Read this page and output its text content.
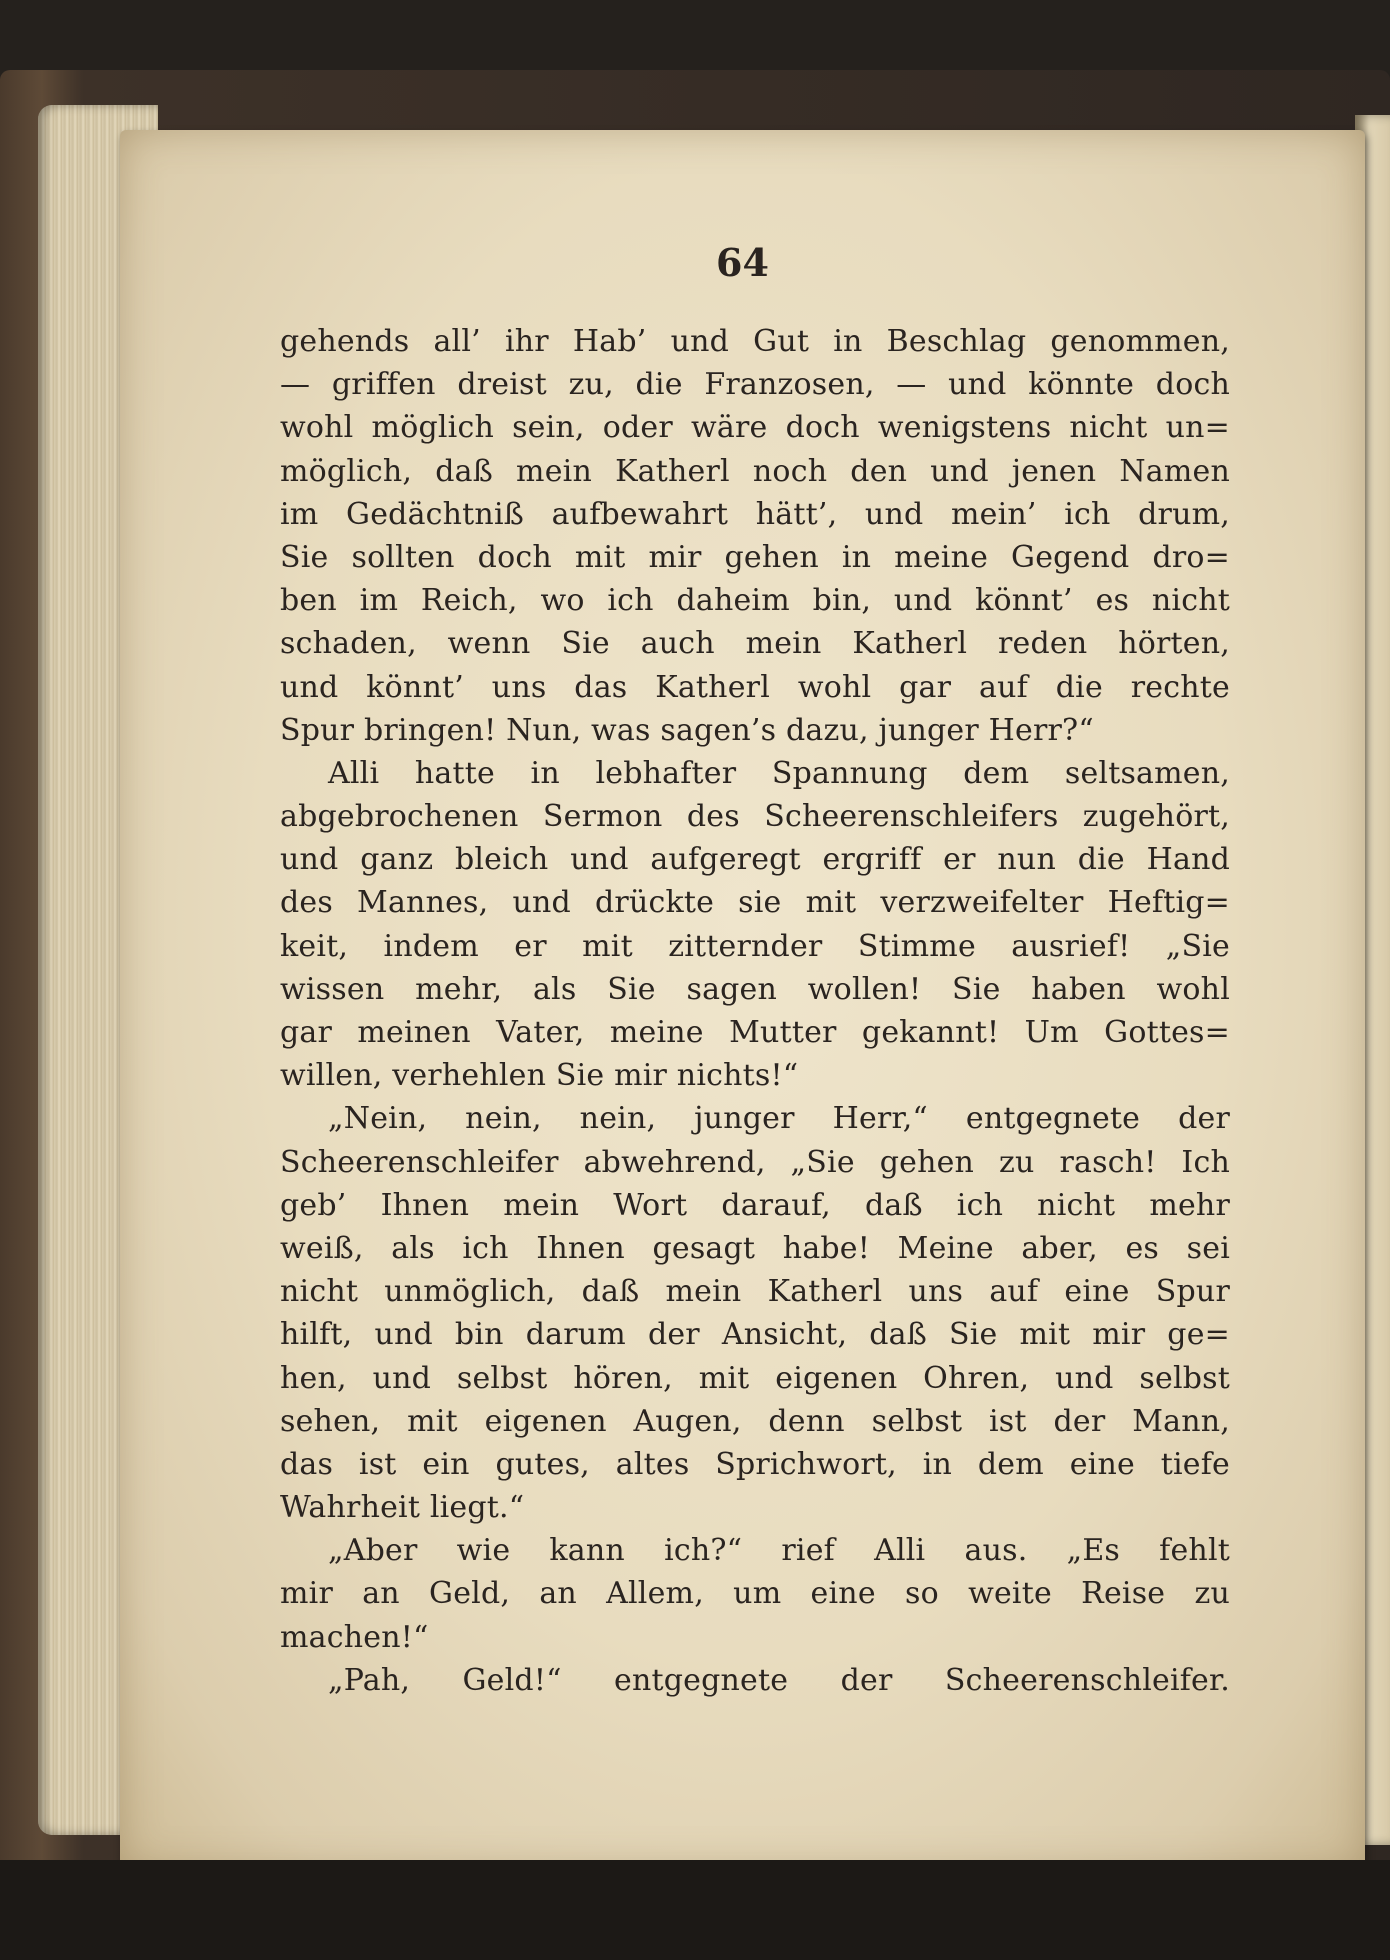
64
gehends all’ ihr Hab’ und Gut in Beschlag genommen,
— griffen dreist zu, die Franzosen, — und könnte doch
wohl möglich sein, oder wäre doch wenigstens nicht un=
möglich, daß mein Katherl noch den und jenen Namen
im Gedächtniß aufbewahrt hätt’, und mein’ ich drum,
Sie sollten doch mit mir gehen in meine Gegend dro=
ben im Reich, wo ich daheim bin, und könnt’ es nicht
schaden, wenn Sie auch mein Katherl reden hörten,
und könnt’ uns das Katherl wohl gar auf die rechte
Spur bringen! Nun, was sagen’s dazu, junger Herr?“
Alli hatte in lebhafter Spannung dem seltsamen,
abgebrochenen Sermon des Scheerenschleifers zugehört,
und ganz bleich und aufgeregt ergriff er nun die Hand
des Mannes, und drückte sie mit verzweifelter Heftig=
keit, indem er mit zitternder Stimme ausrief! „Sie
wissen mehr, als Sie sagen wollen! Sie haben wohl
gar meinen Vater, meine Mutter gekannt! Um Gottes=
willen, verhehlen Sie mir nichts!“
„Nein, nein, nein, junger Herr,“ entgegnete der
Scheerenschleifer abwehrend, „Sie gehen zu rasch! Ich
geb’ Ihnen mein Wort darauf, daß ich nicht mehr
weiß, als ich Ihnen gesagt habe! Meine aber, es sei
nicht unmöglich, daß mein Katherl uns auf eine Spur
hilft, und bin darum der Ansicht, daß Sie mit mir ge=
hen, und selbst hören, mit eigenen Ohren, und selbst
sehen, mit eigenen Augen, denn selbst ist der Mann,
das ist ein gutes, altes Sprichwort, in dem eine tiefe
Wahrheit liegt.“
„Aber wie kann ich?“ rief Alli aus. „Es fehlt
mir an Geld, an Allem, um eine so weite Reise zu
machen!“
„Pah, Geld!“ entgegnete der Scheerenschleifer.
